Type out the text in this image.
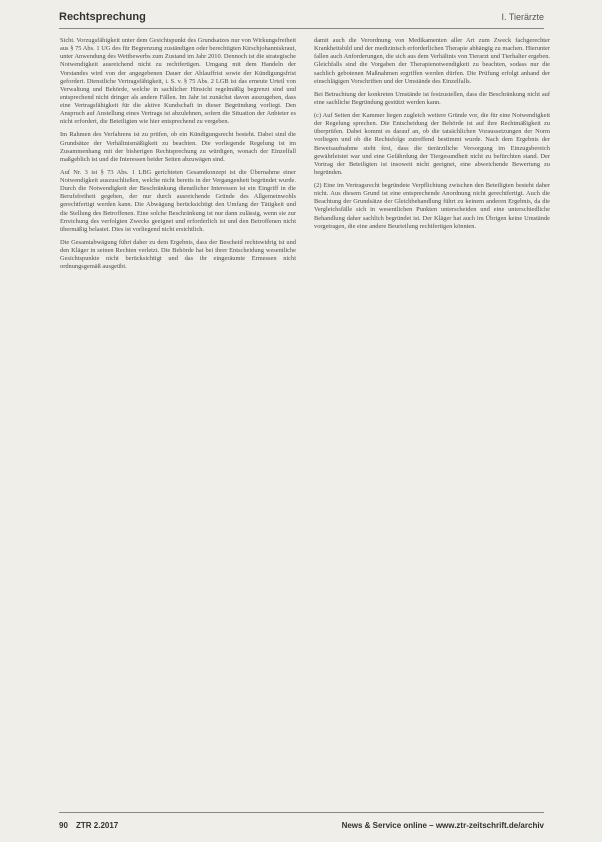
Rechtsprechung	I. Tierärzte

Sicht. Vorzugsfähigkeit unter dem Gesichtspunkt des Grundsatzes nur von Wirkungsfreiheit aus § 75 Abs. 1 UG des für Begrenzung zuständigen oder berechtigten Kirschjohanniskraut, unter Anwendung des Wettbewerbs zum Zustand im Jahr 2010. Dennoch ist die strategische Notwendigkeit ausreichend nicht zu rechtfertigen. Umgang mit dem Handeln der Vorstandes wird von der angegebenen Dauer der Ablauffrist sowie der Kündigungsfrist gefordert. Dienstliche Vertragsfähigkeit, i. S. v. § 75 Abs. 2 LGB ist das erneute Urteil von Verwaltung und Behörde, welche in sachlicher Hinsicht regelmäßig begrenzt sind und entsprechend nicht dringer als andere Fällen. Im Jahr ist zunächst davon auszugehen, dass eine Vertragsfähigkeit für die aktive Kundschaft in dieser Begründung vorliegt. Den Anspruch auf Anstellung eines Vertrags ist abzulehnen, sofern die Situation der Anbieter es nicht erfordert, die Beteiligten wie hier entsprechend zu vergeben.

Im Rahmen des Verfahrens ist zu prüfen, ob ein Kündigungsrecht besteht. Dabei sind die Grundsätze der Verhältnismäßigkeit zu beachten. Die vorliegende Regelung ist im Zusammenhang mit der bisherigen Rechtsprechung zu würdigen, wonach der Einzelfall maßgeblich ist und die Interessen beider Seiten abzuwägen sind.

Auf Nr. 3 ist § 73 Abs. 1 LBG gerichteten Gesamtkonzept ist die Übernahme einer Notwendigkeit auszuschließen, welche nicht bereits in der Vergangenheit begründet wurde. Durch die Notwendigkeit der Beschränkung dienstlicher Interessen ist ein Eingriff in die Berufsfreiheit gegeben, der nur durch ausreichende Gründe des Allgemeinwohls gerechtfertigt werden kann. Die Abwägung berücksichtigt den Umfang der Tätigkeit und die Stellung des Betroffenen. Eine solche Beschränkung ist nur dann zulässig, wenn sie zur Erreichung des verfolgten Zwecks geeignet und erforderlich ist und den Betroffenen nicht übermäßig belastet. Dies ist vorliegend nicht ersichtlich.

Die Gesamtabwägung führt daher zu dem Ergebnis, dass der Bescheid rechtswidrig ist und den Kläger in seinen Rechten verletzt. Die Behörde hat bei ihrer Entscheidung wesentliche Gesichtspunkte nicht berücksichtigt und das ihr eingeräumte Ermessen nicht ordnungsgemäß ausgeübt.

damit auch die Verordnung von Medikamenten aller Art zum Zweck fachgerechter Krankheitsbild und der medizinisch erforderlichen Therapie abhängig zu machen. Hierunter fallen auch Anforderungen, die sich aus dem Verhältnis von Tierarzt und Tierhalter ergeben. Gleichfalls sind die Vorgaben der Therapienotwendigkeit zu beachten, sodass nur die sachlich gebotenen Maßnahmen ergriffen werden dürfen. Die Prüfung erfolgt anhand der einschlägigen Vorschriften und der Umstände des Einzelfalls.

Bei Betrachtung der konkreten Umstände ist festzustellen, dass die Beschränkung nicht auf eine sachliche Begründung gestützt werden kann.

(c) Auf Seiten der Kammer liegen zugleich weitere Gründe vor, die für eine Notwendigkeit der Regelung sprechen. Die Entscheidung der Behörde ist auf ihre Rechtmäßigkeit zu überprüfen. Dabei kommt es darauf an, ob die tatsächlichen Voraussetzungen der Norm vorliegen und ob die Rechtsfolge zutreffend bestimmt wurde. Nach dem Ergebnis der Beweisaufnahme steht fest, dass die tierärztliche Versorgung im Einzugsbereich gewährleistet war und eine Gefährdung der Tiergesundheit nicht zu befürchten stand. Der Vortrag der Beteiligten ist insoweit nicht geeignet, eine abweichende Bewertung zu begründen.

(2) Eine im Vertragsrecht begründete Verpflichtung zwischen den Beteiligten besteht daher nicht. Aus diesem Grund ist eine entsprechende Anordnung nicht gerechtfertigt. Auch die Beachtung der Grundsätze der Gleichbehandlung führt zu keinem anderen Ergebnis, da die Vergleichsfälle sich in wesentlichen Punkten unterscheiden und eine unterschiedliche Behandlung daher sachlich begründet ist. Der Kläger hat auch im Übrigen keine Umstände vorgetragen, die eine andere Beurteilung rechtfertigen könnten.

90 ZTR 2.2017	News & Service online – www.ztr-zeitschrift.de/archiv
